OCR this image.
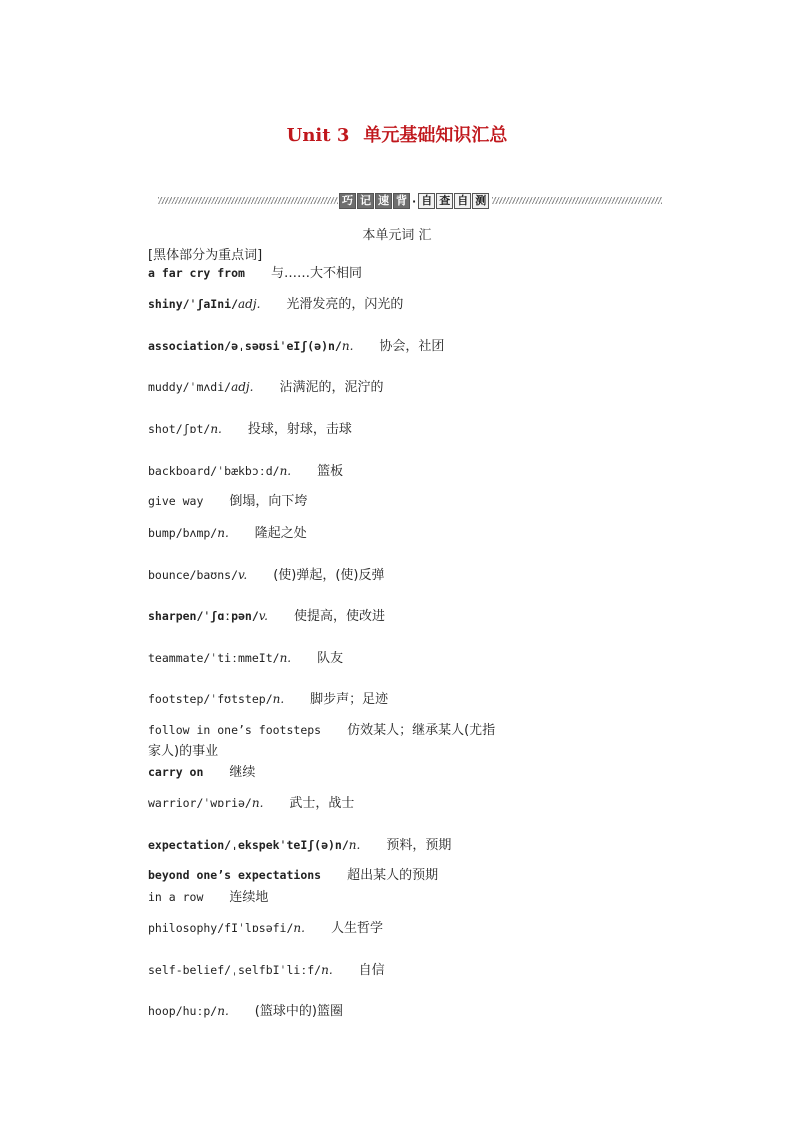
Unit 3 单元基础知识汇总
巧 记 速 背 · 自 查 自 测
本单元词 汇
[黑体部分为重点词]
a far cry from 与……大不相同
shiny/ˈʃaIni/adj. 光滑发亮的，闪光的
association/əˌsəʊsiˈeIʃ(ə)n/n. 协会，社团
muddy/ˈmʌdi/adj. 沾满泥的，泥泞的
shot/ʃɒt/n. 投球，射球，击球
backboard/ˈbækbɔːd/n. 篮板
give way 倒塌，向下垮
bump/bʌmp/n. 隆起之处
bounce/baʊns/v. (使)弹起，(使)反弹
sharpen/ˈʃɑːpən/v. 使提高，使改进
teammate/ˈtiːmmeIt/n. 队友
footstep/ˈfʊtstep/n. 脚步声；足迹
follow in one’s footsteps 仿效某人；继承某人(尤指家人)的事业
carry on 继续
warrior/ˈwɒriə/n. 武士，战士
expectation/ˌekspekˈteIʃ(ə)n/n. 预料，预期
beyond one’s expectations 超出某人的预期
in a row 连续地
philosophy/fIˈlɒsəfi/n. 人生哲学
self-belief/ˌselfbIˈliːf/n. 自信
hoop/huːp/n. (篮球中的)篮圈
